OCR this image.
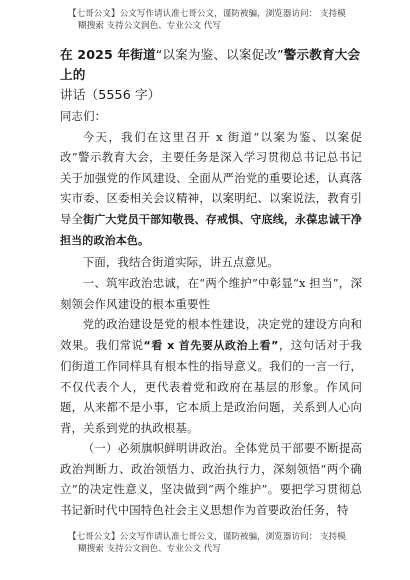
【七哥公文】公文写作请认准七哥公文，谨防被骗，浏览器访问： 支持模
糊搜索 支持公文润色、专业公文 代写
在 2025 年街道“以案为鉴、以案促改”警示教育大会上的
讲话（5556 字）
同志们：

今天，我们在这里召开 x 街道“以案为鉴、以案促改”警示教育大会，主要任务是深入学习贯彻总书记总书记关于加强党的作风建设、全面从严治党的重要论述，认真落实市委、区委相关会议精神，以案明纪、以案说法，教育引导全街广大党员干部知敬畏、存戒惧、守底线，永葆忠诚干净担当的政治本色。

下面，我结合街道实际，讲五点意见。

一、筑牢政治忠诚，在“两个维护”中彰显“x 担当”，深刻领会作风建设的根本重要性

党的政治建设是党的根本性建设，决定党的建设方向和效果。我们常说“看 x 首先要从政治上看”，这句话对于我们街道工作同样具有根本性的指导意义。我们的一言一行，不仅代表个人，更代表着党和政府在基层的形象。作风问题，从来都不是小事，它本质上是政治问题，关系到人心向背，关系到党的执政根基。

（一）必须旗帜鲜明讲政治。全体党员干部要不断提高政治判断力、政治领悟力、政治执行力，深刻领悟“两个确立”的决定性意义，坚决做到“两个维护”。要把学习贯彻总书记新时代中国特色社会主义思想作为首要政治任务，特

【七哥公文】公文写作请认准七哥公文，谨防被骗，浏览器访问： 支持模
糊搜索 支持公文润色、专业公文 代写
